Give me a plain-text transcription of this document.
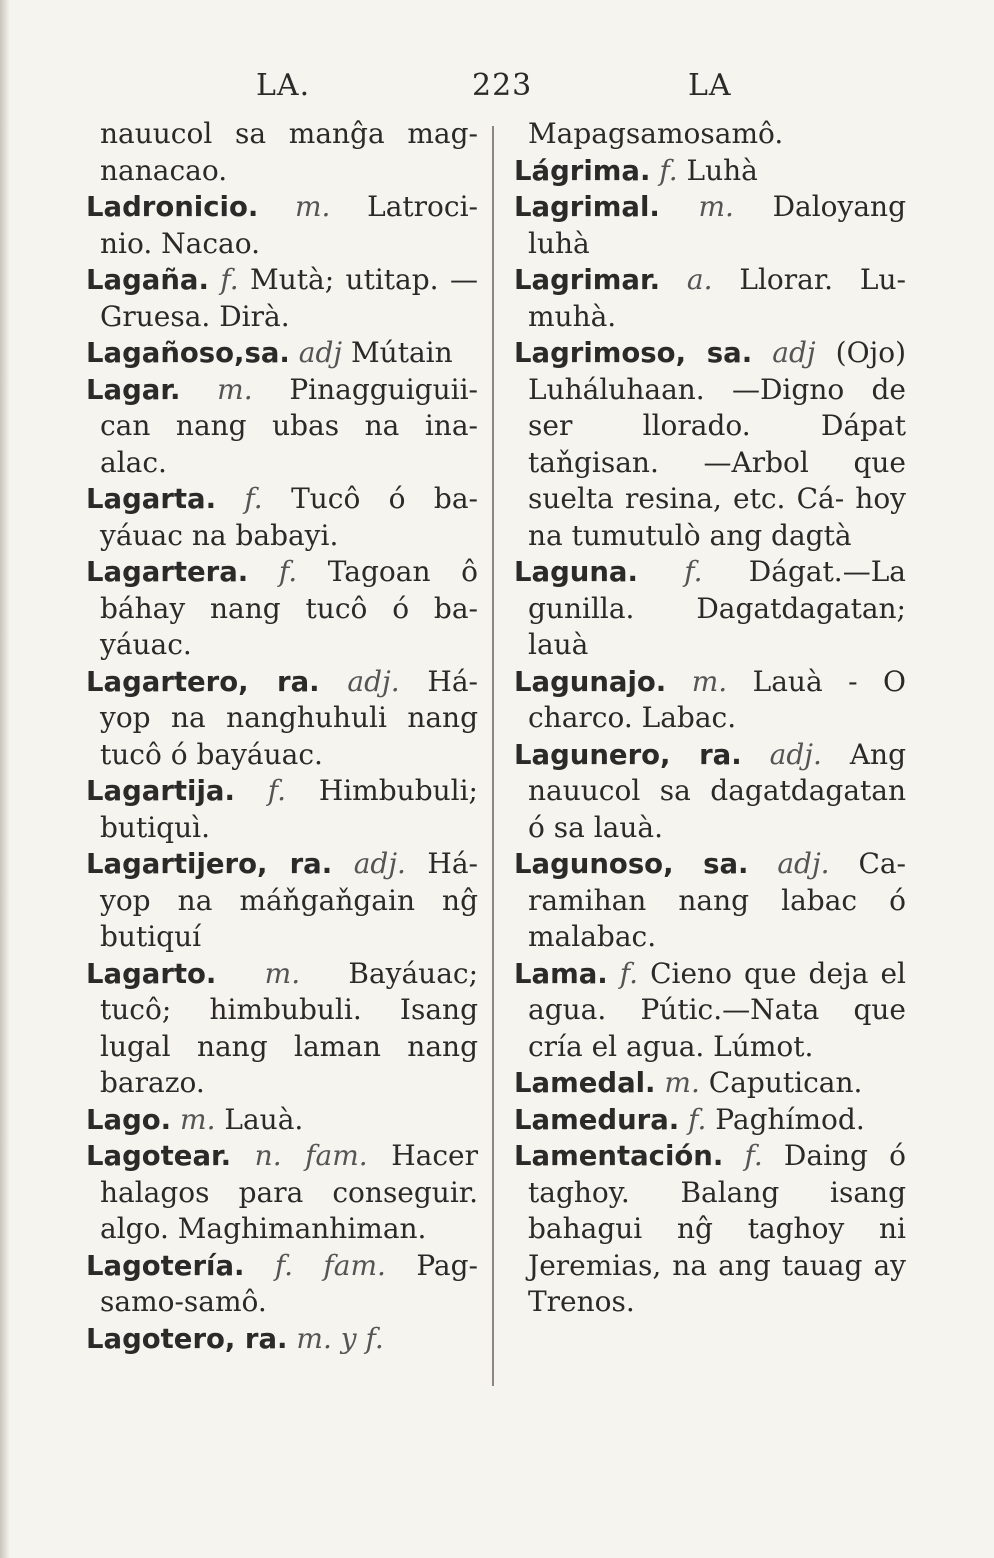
LA.	223	LA

nauucol sa manĝa mag- nanacao.

Ladronicio. m. Latroci- nio. Nacao.

Lagaña. f. Mutà; utitap. —Gruesa. Dirà.

Lagañoso,sa. adj Mútain

Lagar. m. Pinagguiguii- can nang ubas na ina- alac.

Lagarta. f. Tucô ó ba- yáuac na babayi.

Lagartera. f. Tagoan ô báhay nang tucô ó ba- yáuac.

Lagartero, ra. adj. Há- yop na nanghuhuli nang tucô ó bayáuac.

Lagartija. f. Himbubuli; butiquì.

Lagartijero, ra. adj. Há- yop na máňgaňgain nĝ butiquí

Lagarto. m. Bayáuac; tucô; himbubuli. Isang lugal nang laman nang barazo.

Lago. m. Lauà.

Lagotear. n. fam. Hacer halagos para conseguir. algo. Maghimanhiman.

Lagotería. f. fam. Pag- samo-samô.

Lagotero, ra. m. y f.

Mapagsamosamô.

Lágrima. f. Luhà

Lagrimal. m. Daloyang luhà

Lagrimar. a. Llorar. Lu- muhà.

Lagrimoso, sa. adj (Ojo) Luháluhaan. —Digno de ser llorado. Dápat taňgisan. —Arbol que suelta resina, etc. Cá- hoy na tumutulò ang dagtà

Laguna. f. Dágat.—La gunilla. Dagatdagatan; lauà

Lagunajo. m. Lauà - O charco. Labac.

Lagunero, ra. adj. Ang nauucol sa dagatdagatan ó sa lauà.

Lagunoso, sa. adj. Ca- ramihan nang labac ó malabac.

Lama. f. Cieno que deja el agua. Pútic.—Nata que cría el agua. Lúmot.

Lamedal. m. Caputican.

Lamedura. f. Paghímod.

Lamentación. f. Daing ó taghoy. Balang isang bahagui nĝ taghoy ni Jeremias, na ang tauag ay Trenos.
